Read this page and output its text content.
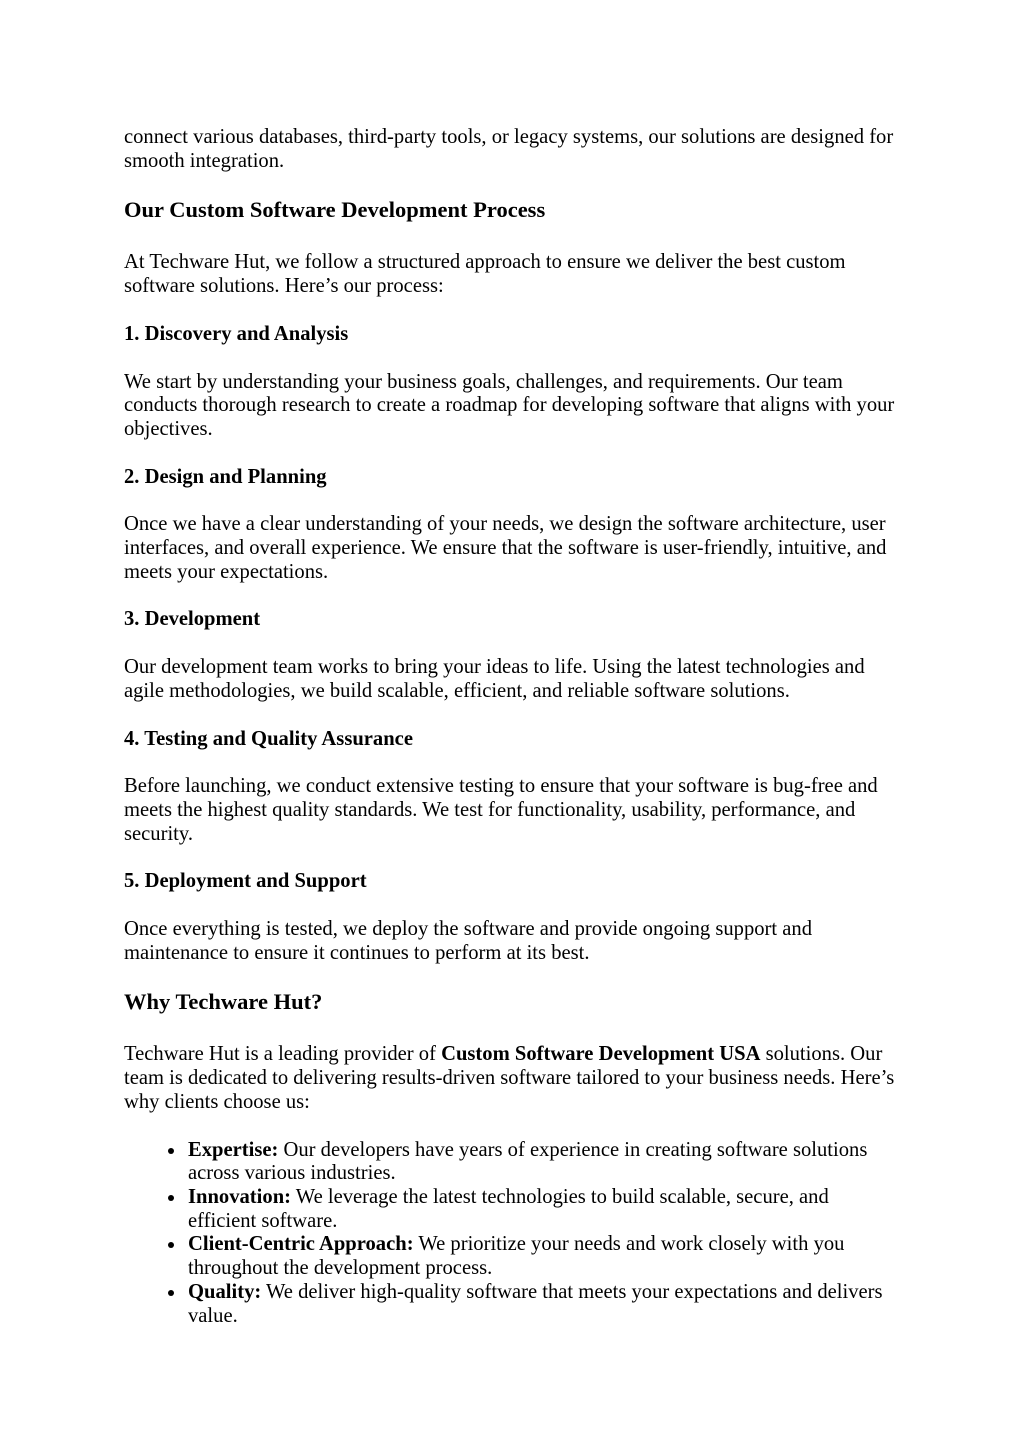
connect various databases, third-party tools, or legacy systems, our solutions are designed for smooth integration.

Our Custom Software Development Process

At Techware Hut, we follow a structured approach to ensure we deliver the best custom software solutions. Here’s our process:

1. Discovery and Analysis

We start by understanding your business goals, challenges, and requirements. Our team conducts thorough research to create a roadmap for developing software that aligns with your objectives.

2. Design and Planning

Once we have a clear understanding of your needs, we design the software architecture, user interfaces, and overall experience. We ensure that the software is user-friendly, intuitive, and meets your expectations.

3. Development

Our development team works to bring your ideas to life. Using the latest technologies and agile methodologies, we build scalable, efficient, and reliable software solutions.

4. Testing and Quality Assurance

Before launching, we conduct extensive testing to ensure that your software is bug-free and meets the highest quality standards. We test for functionality, usability, performance, and security.

5. Deployment and Support

Once everything is tested, we deploy the software and provide ongoing support and maintenance to ensure it continues to perform at its best.

Why Techware Hut?

Techware Hut is a leading provider of Custom Software Development USA solutions. Our team is dedicated to delivering results-driven software tailored to your business needs. Here’s why clients choose us:

• Expertise: Our developers have years of experience in creating software solutions across various industries.
• Innovation: We leverage the latest technologies to build scalable, secure, and efficient software.
• Client-Centric Approach: We prioritize your needs and work closely with you throughout the development process.
• Quality: We deliver high-quality software that meets your expectations and delivers value.
